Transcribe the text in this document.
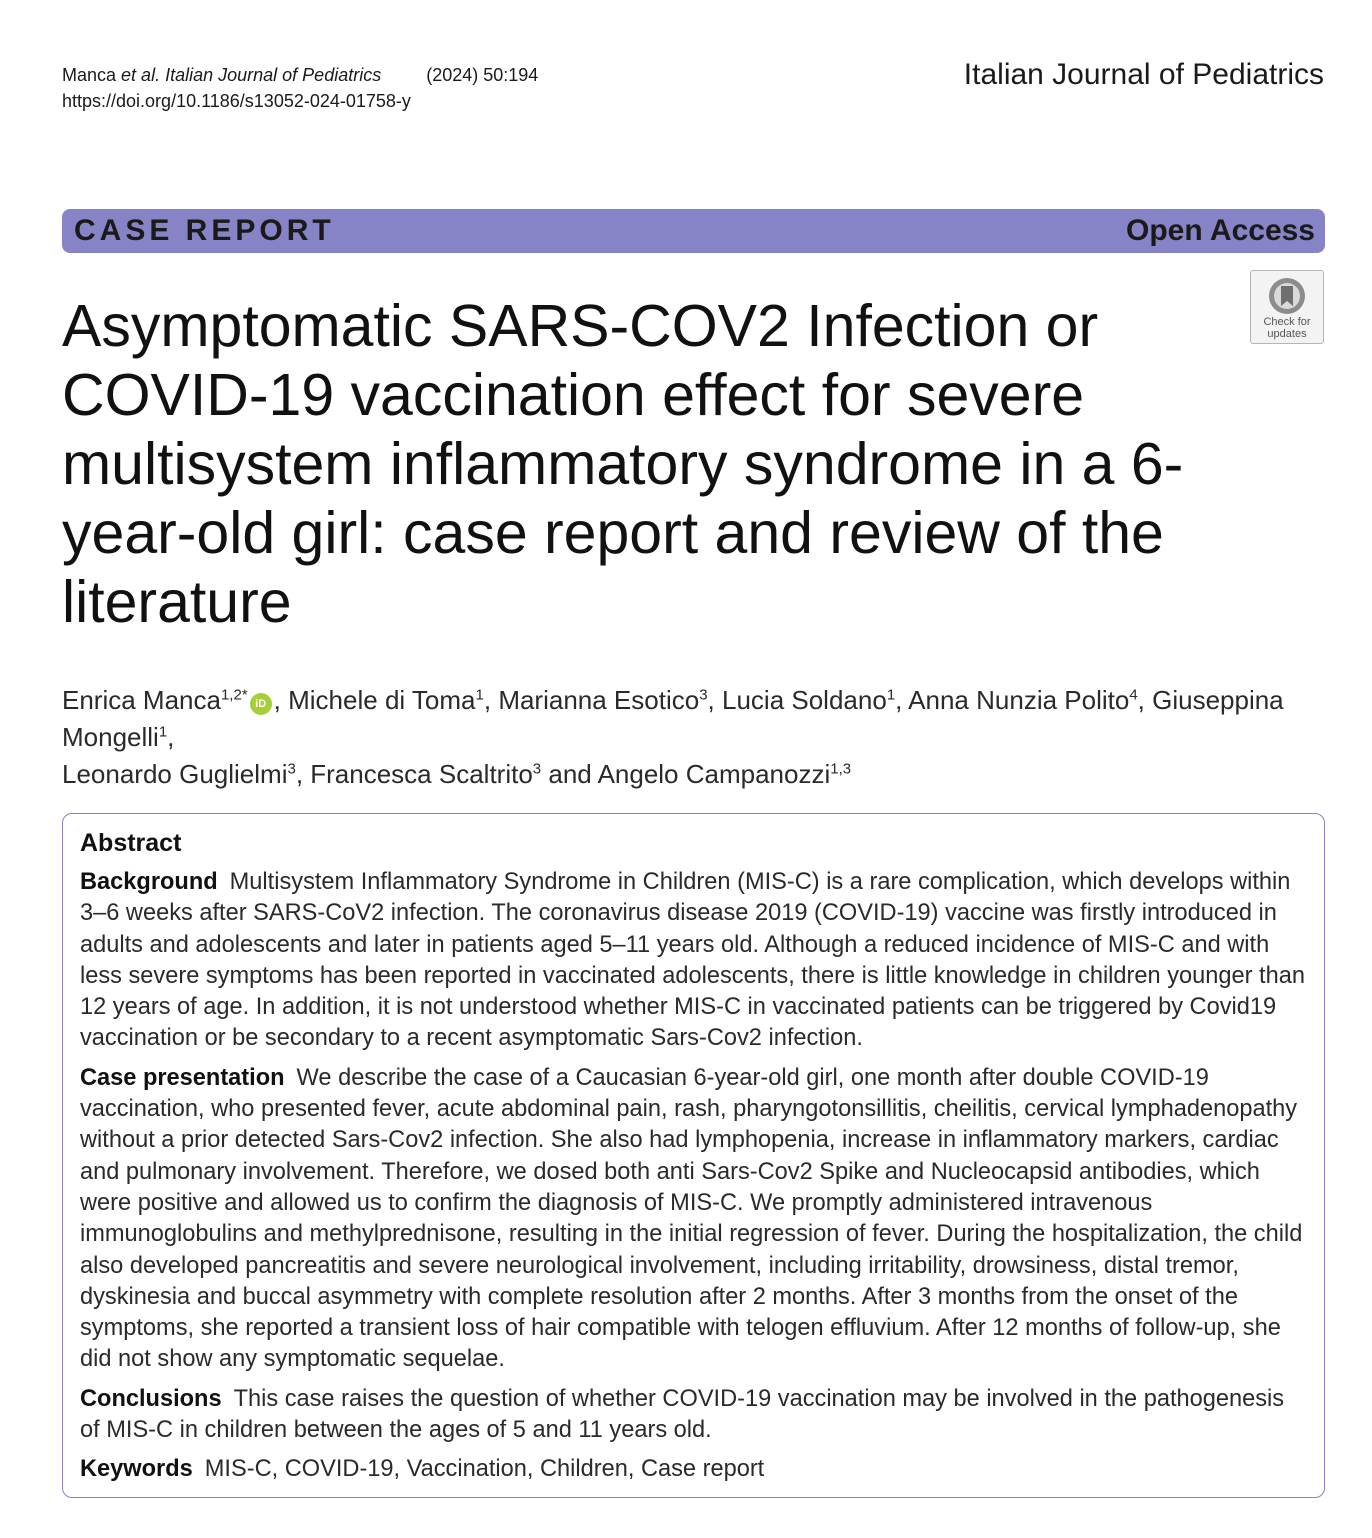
Manca et al. Italian Journal of Pediatrics	(2024) 50:194
https://doi.org/10.1186/s13052-024-01758-y
Italian Journal of Pediatrics
CASE REPORT	Open Access
Check for
updates
Asymptomatic SARS-COV2 Infection or COVID-19 vaccination effect for severe multisystem inflammatory syndrome in a 6-year-old girl: case report and review of the literature
Enrica Manca$^{1,2*}$iD , Michele di Toma$^1$, Marianna Esotico$^3$, Lucia Soldano$^1$, Anna Nunzia Polito$^4$, Giuseppina Mongelli$^1$,
Leonardo Guglielmi$^3$, Francesca Scaltrito$^3$ and Angelo Campanozzi$^{1,3}$
Abstract

Background Multisystem Inflammatory Syndrome in Children (MIS-C) is a rare complication, which develops within 3–6 weeks after SARS-CoV2 infection. The coronavirus disease 2019 (COVID-19) vaccine was firstly introduced in adults and adolescents and later in patients aged 5–11 years old. Although a reduced incidence of MIS-C and with less severe symptoms has been reported in vaccinated adolescents, there is little knowledge in children younger than 12 years of age. In addition, it is not understood whether MIS-C in vaccinated patients can be triggered by Covid19 vaccination or be secondary to a recent asymptomatic Sars-Cov2 infection.

Case presentation We describe the case of a Caucasian 6-year-old girl, one month after double COVID-19 vaccination, who presented fever, acute abdominal pain, rash, pharyngotonsillitis, cheilitis, cervical lymphadenopathy without a prior detected Sars-Cov2 infection. She also had lymphopenia, increase in inflammatory markers, cardiac and pulmonary involvement. Therefore, we dosed both anti Sars-Cov2 Spike and Nucleocapsid antibodies, which were positive and allowed us to confirm the diagnosis of MIS-C. We promptly administered intravenous immunoglobulins and methylprednisone, resulting in the initial regression of fever. During the hospitalization, the child also developed pancreatitis and severe neurological involvement, including irritability, drowsiness, distal tremor, dyskinesia and buccal asymmetry with complete resolution after 2 months. After 3 months from the onset of the symptoms, she reported a transient loss of hair compatible with telogen effluvium. After 12 months of follow-up, she did not show any symptomatic sequelae.

Conclusions This case raises the question of whether COVID-19 vaccination may be involved in the pathogenesis of MIS-C in children between the ages of 5 and 11 years old.

Keywords MIS-C, COVID-19, Vaccination, Children, Case report
